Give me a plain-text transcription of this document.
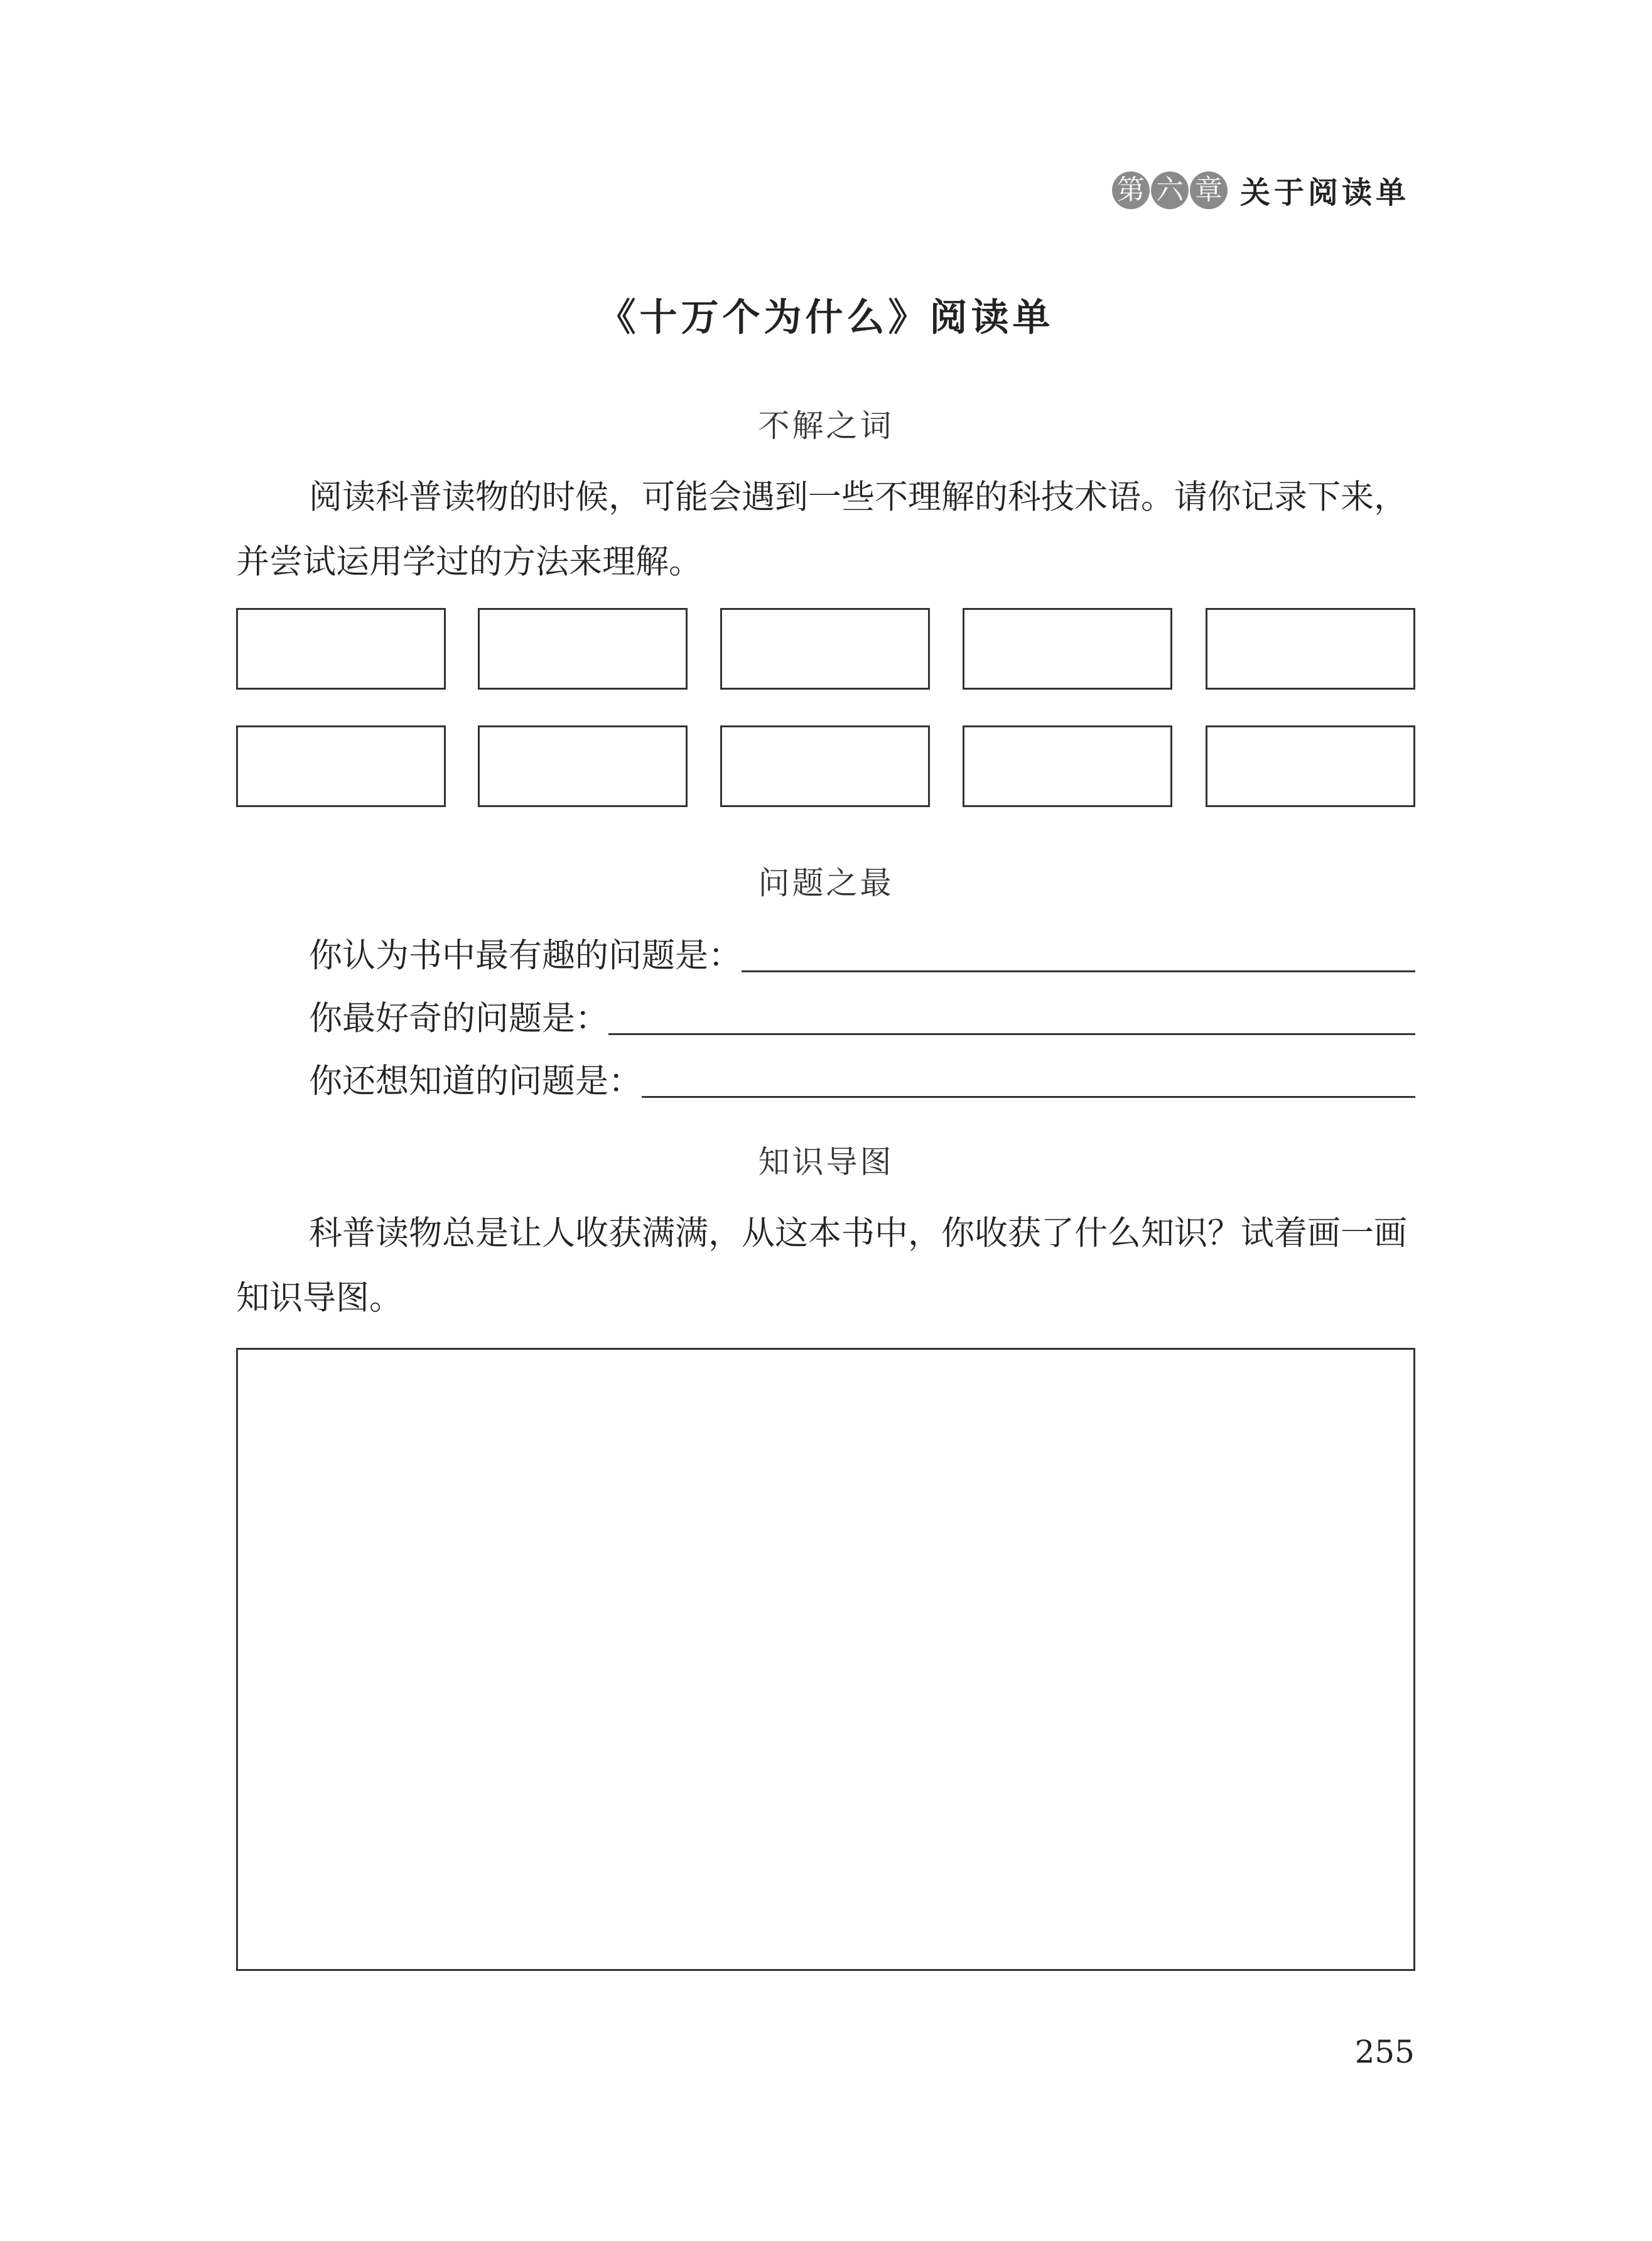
第 六 章 关于阅读单
《十万个为什么》阅读单
不解之词

阅读科普读物的时候，可能会遇到一些不理解的科技术语。请你记录下来，并尝试运用学过的方法来理解。

问题之最
你认为书中最有趣的问题是：
你最好奇的问题是：
你还想知道的问题是：
知识导图

科普读物总是让人收获满满，从这本书中，你收获了什么知识？试着画一画知识导图。

255
